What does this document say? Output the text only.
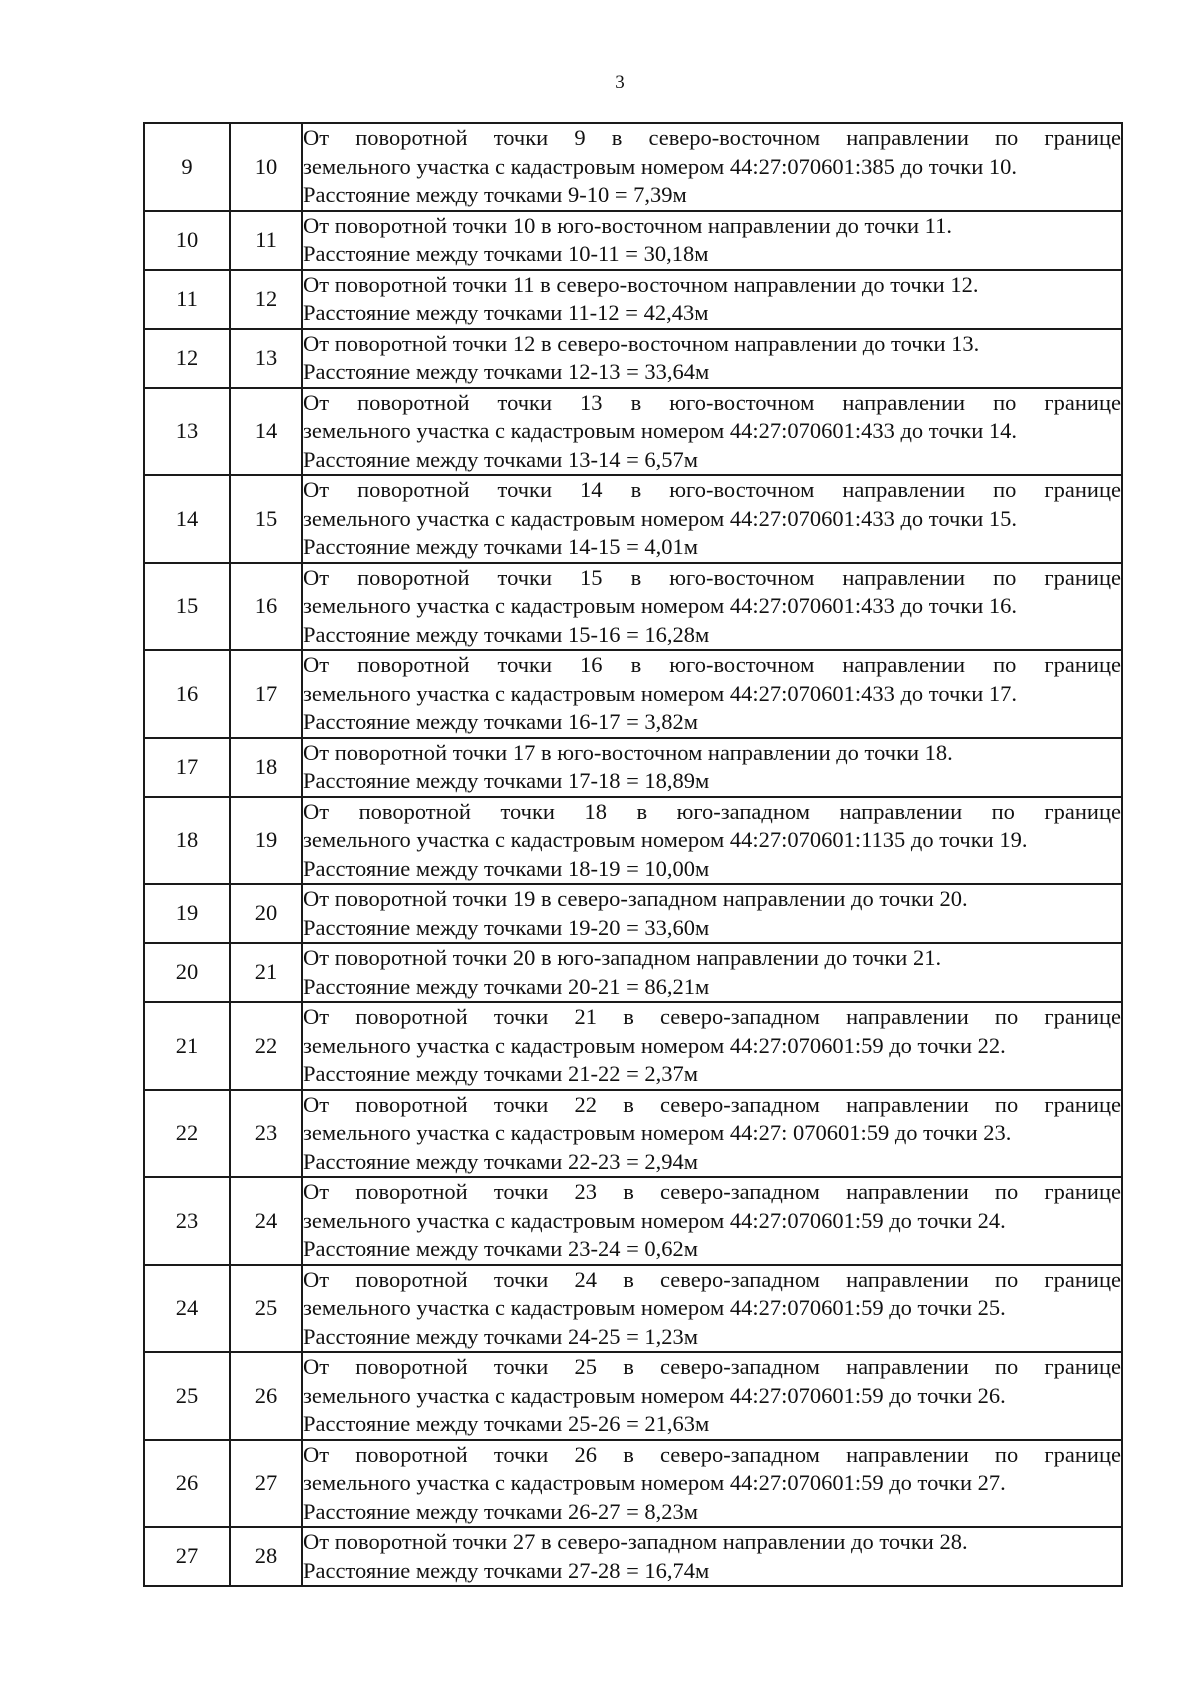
3
9	10	От поворотной точки 9 в северо-восточном направлении по границе
земельного участка с кадастровым номером 44:27:070601:385 до точки 10.
Расстояние между точками 9-10 = 7,39м

10	11	От поворотной точки 10 в юго-восточном направлении до точки 11.
Расстояние между точками 10-11 = 30,18м

11	12	От поворотной точки 11 в северо-восточном направлении до точки 12.
Расстояние между точками 11-12 = 42,43м

12	13	От поворотной точки 12 в северо-восточном направлении до точки 13.
Расстояние между точками 12-13 = 33,64м

13	14	От поворотной точки 13 в юго-восточном направлении по границе
земельного участка с кадастровым номером 44:27:070601:433 до точки 14.
Расстояние между точками 13-14 = 6,57м

14	15	От поворотной точки 14 в юго-восточном направлении по границе
земельного участка с кадастровым номером 44:27:070601:433 до точки 15.
Расстояние между точками 14-15 = 4,01м

15	16	От поворотной точки 15 в юго-восточном направлении по границе
земельного участка с кадастровым номером 44:27:070601:433 до точки 16.
Расстояние между точками 15-16 = 16,28м

16	17	От поворотной точки 16 в юго-восточном направлении по границе
земельного участка с кадастровым номером 44:27:070601:433 до точки 17.
Расстояние между точками 16-17 = 3,82м

17	18	От поворотной точки 17 в юго-восточном направлении до точки 18.
Расстояние между точками 17-18 = 18,89м

18	19	От поворотной точки 18 в юго-западном направлении по границе
земельного участка с кадастровым номером 44:27:070601:1135 до точки 19.
Расстояние между точками 18-19 = 10,00м

19	20	От поворотной точки 19 в северо-западном направлении до точки 20.
Расстояние между точками 19-20 = 33,60м

20	21	От поворотной точки 20 в юго-западном направлении до точки 21.
Расстояние между точками 20-21 = 86,21м

21	22	От поворотной точки 21 в северо-западном направлении по границе
земельного участка с кадастровым номером 44:27:070601:59 до точки 22.
Расстояние между точками 21-22 = 2,37м

22	23	От поворотной точки 22 в северо-западном направлении по границе
земельного участка с кадастровым номером 44:27: 070601:59 до точки 23.
Расстояние между точками 22-23 = 2,94м

23	24	От поворотной точки 23 в северо-западном направлении по границе
земельного участка с кадастровым номером 44:27:070601:59 до точки 24.
Расстояние между точками 23-24 = 0,62м

24	25	От поворотной точки 24 в северо-западном направлении по границе
земельного участка с кадастровым номером 44:27:070601:59 до точки 25.
Расстояние между точками 24-25 = 1,23м

25	26	От поворотной точки 25 в северо-западном направлении по границе
земельного участка с кадастровым номером 44:27:070601:59 до точки 26.
Расстояние между точками 25-26 = 21,63м

26	27	От поворотной точки 26 в северо-западном направлении по границе
земельного участка с кадастровым номером 44:27:070601:59 до точки 27.
Расстояние между точками 26-27 = 8,23м

27	28	От поворотной точки 27 в северо-западном направлении до точки 28.
Расстояние между точками 27-28 = 16,74м
